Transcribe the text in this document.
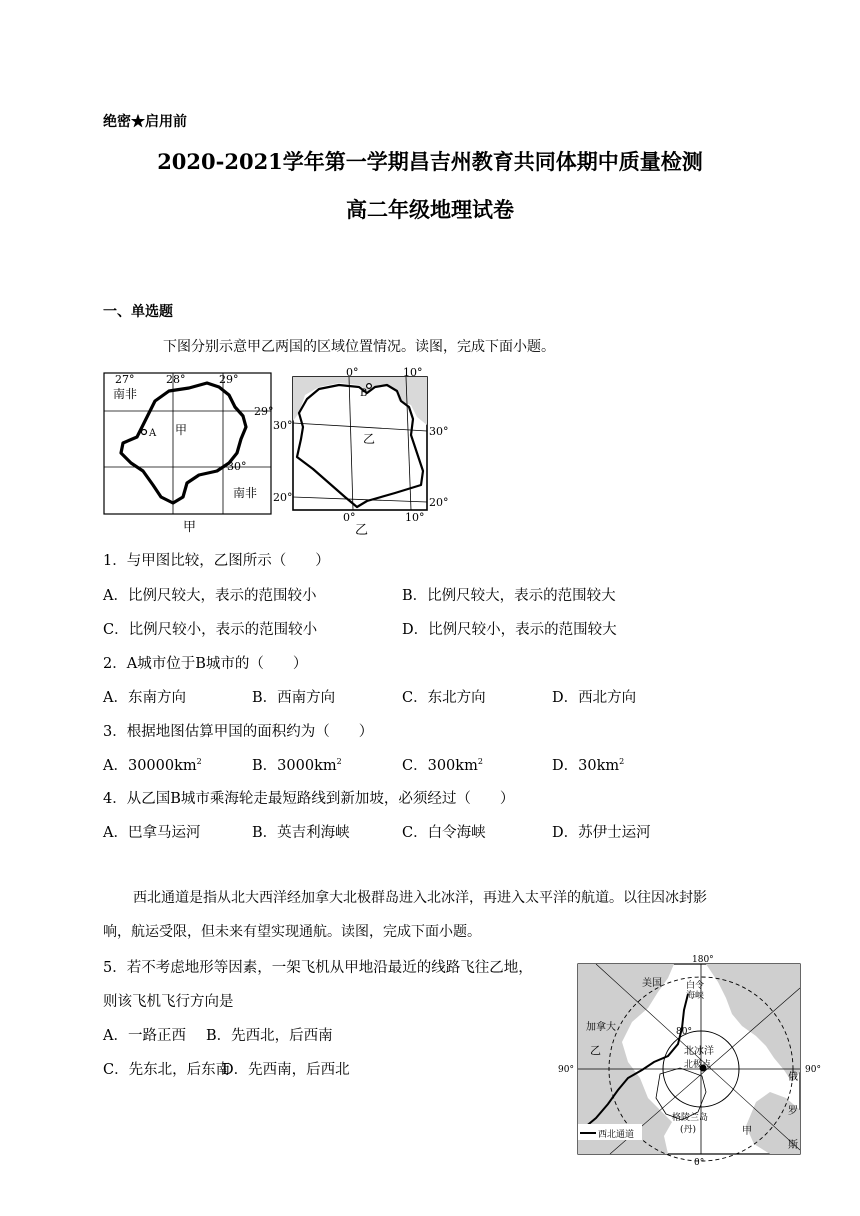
绝密★启用前
2020-2021学年第一学期昌吉州教育共同体期中质量检测
高二年级地理试卷
一、单选题
下图分别示意甲乙两国的区域位置情况。读图，完成下面小题。
27°	28°	29°
29°
30°
南非
南非
A 甲
甲
0°	10°
0°	10°
30°	30°
20°	20°
B
乙
乙
1．与甲图比较，乙图所示（　　）
A．比例尺较大，表示的范围较小	B．比例尺较大，表示的范围较大
C．比例尺较小，表示的范围较小	D．比例尺较小，表示的范围较大
2．A城市位于B城市的（　　）
A．东南方向	B．西南方向	C．东北方向	D．西北方向
3．根据地图估算甲国的面积约为（　　）
A．$30000km^2$	B．$3000km^2$	C．$300km^2$	D．$30km^2$
4．从乙国B城市乘海轮走最短路线到新加坡，必须经过（　　）
A．巴拿马运河	B．英吉利海峡	C．白令海峡	D．苏伊士运河
西北通道是指从北大西洋经加拿大北极群岛进入北冰洋，再进入太平洋的航道。以往因冰封影
响，航运受限，但未来有望实现通航。读图，完成下面小题。
5．若不考虑地形等因素，一架飞机从甲地沿最近的线路飞往乙地，
则该飞机飞行方向是
A．一路正西 B．先西北，后西南
C．先东北，后东南
D．先西南，后西北
180°
0°
90°	90°
80°
美国	白令
海峡
加拿大
乙	北冰洋
北极点
俄
罗
斯
格陵兰岛
(丹)	甲
西北通道
